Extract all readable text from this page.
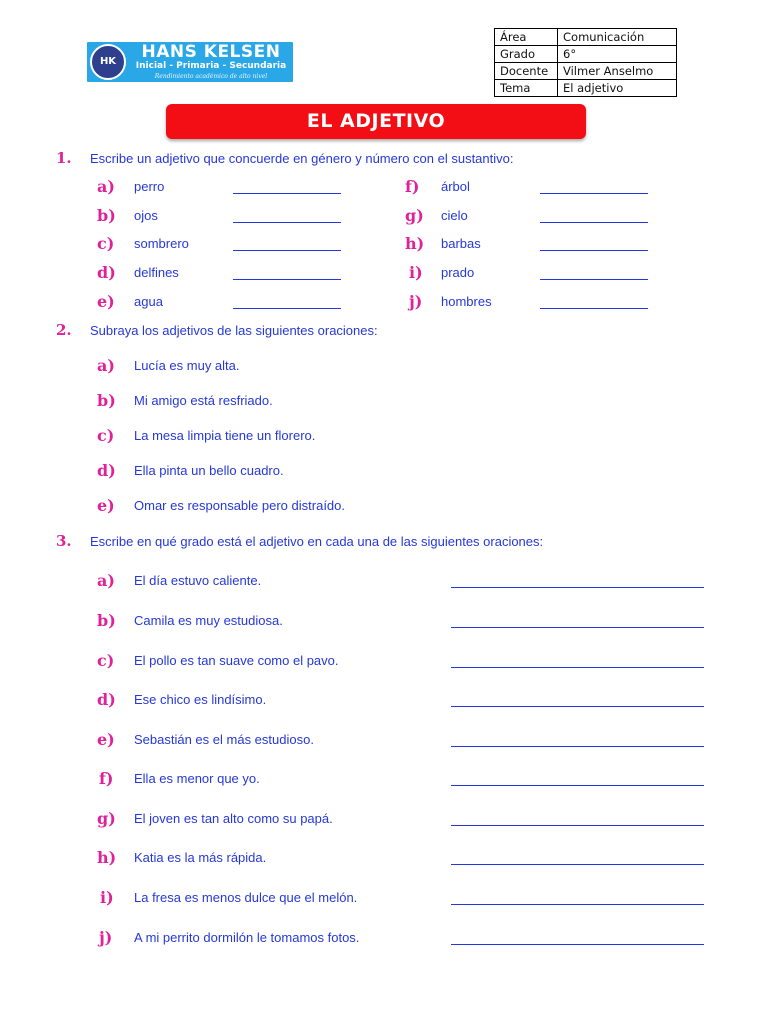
HK
HANS KELSEN
Inicial - Primaria - Secundaria
Rendimiento académico de alto nivel
Área	Comunicación
Grado	6°
Docente	Vilmer Anselmo
Tema	El adjetivo
EL ADJETIVO
1. Escribe un adjetivo que concuerde en género y número con el sustantivo:
a) perro
b) ojos
c) sombrero
d) delfines
e) agua
f) árbol
g) cielo
h) barbas
i) prado
j) hombres
2. Subraya los adjetivos de las siguientes oraciones:
a) Lucía es muy alta.
b) Mi amigo está resfriado.
c) La mesa limpia tiene un florero.
d) Ella pinta un bello cuadro.
e) Omar es responsable pero distraído.
3. Escribe en qué grado está el adjetivo en cada una de las siguientes oraciones:
a) El día estuvo caliente.
b) Camila es muy estudiosa.
c) El pollo es tan suave como el pavo.
d) Ese chico es lindísimo.
e) Sebastián es el más estudioso.
f) Ella es menor que yo.
g) El joven es tan alto como su papá.
h) Katia es la más rápida.
i) La fresa es menos dulce que el melón.
j) A mi perrito dormilón le tomamos fotos.
